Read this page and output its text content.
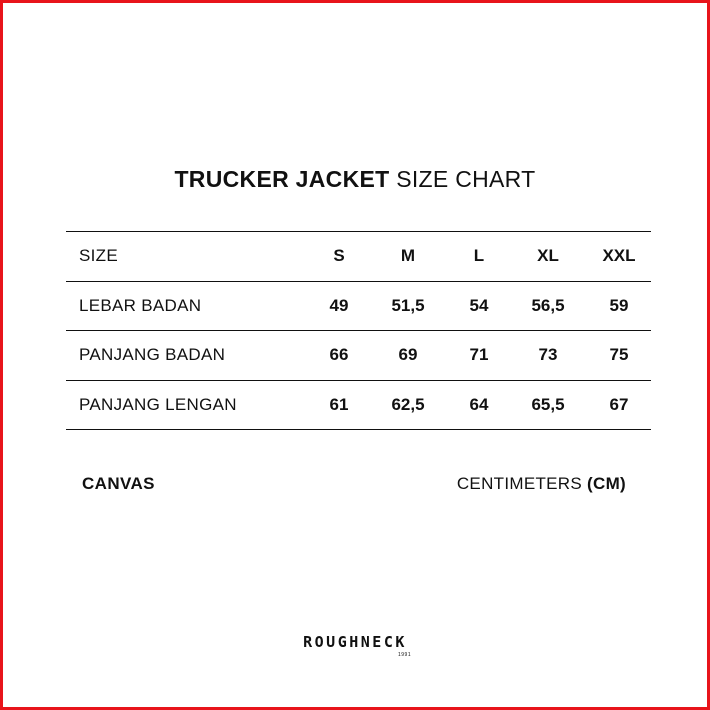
TRUCKER JACKET SIZE CHART
SIZE	S	M	L	XL	XXL
LEBAR BADAN	49	51,5	54	56,5	59
PANJANG BADAN	66	69	71	73	75
PANJANG LENGAN	61	62,5	64	65,5	67
CANVAS	CENTIMETERS (CM)
ROUGHNECK
1991
